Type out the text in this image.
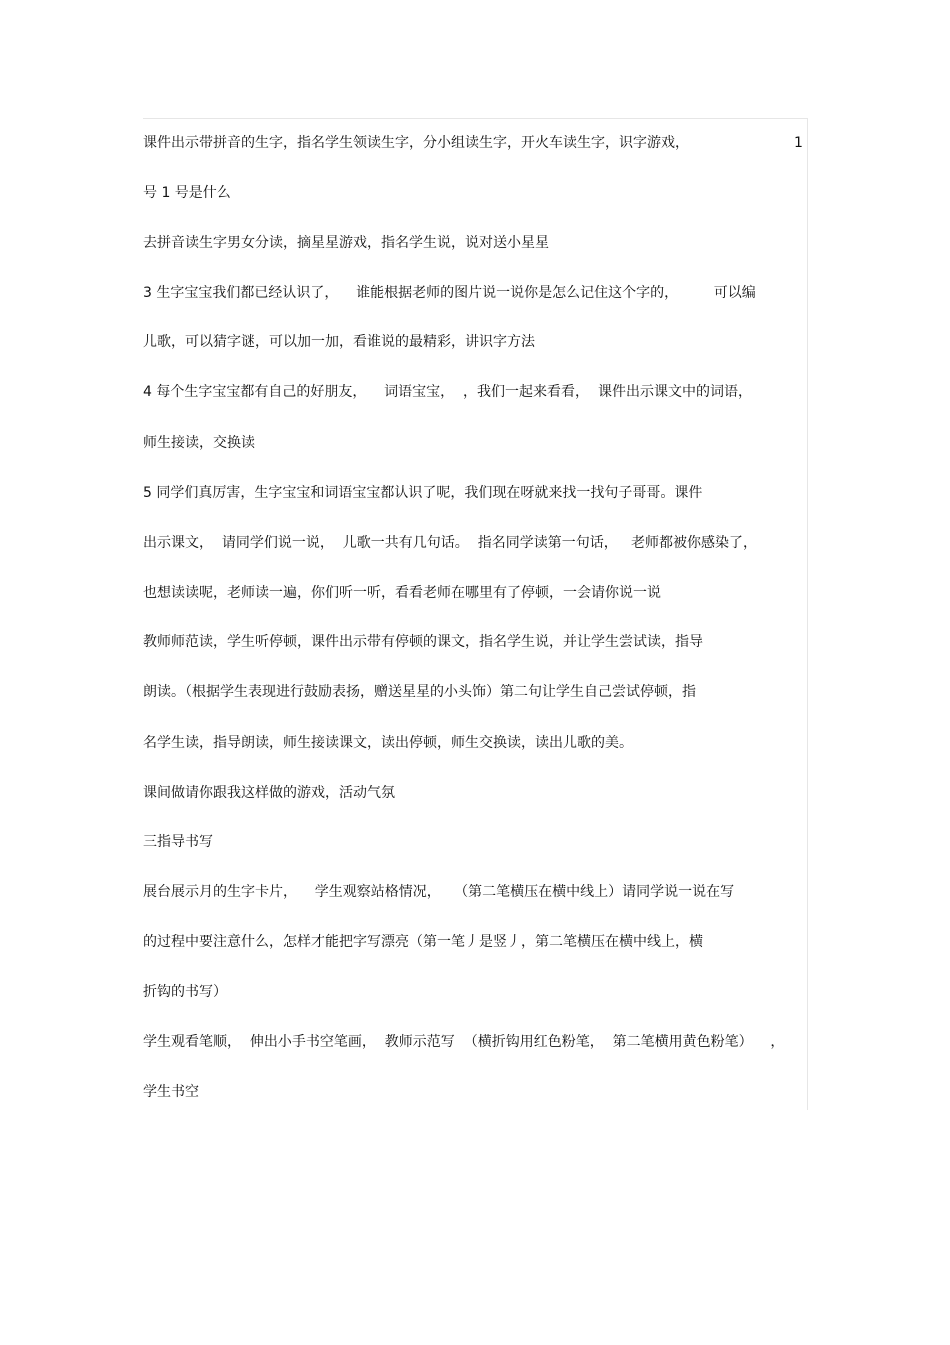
课件出示带拼音的生字，指名学生领读生字，分小组读生字，开火车读生字，识字游戏，	1
号 1 号是什么
去拼音读生字男女分读，摘星星游戏，指名学生说，说对送小星星
3 生字宝宝我们都已经认识了，    谁能根据老师的图片说一说你是怎么记住这个字的，        可以编
儿歌，可以猜字谜，可以加一加，看谁说的最精彩，讲识字方法
4 每个生字宝宝都有自己的好朋友，    词语宝宝，  ，我们一起来看看，  课件出示课文中的词语，
师生接读，交换读
5 同学们真厉害，生字宝宝和词语宝宝都认识了呢，我们现在呀就来找一找句子哥哥。课件
出示课文，  请同学们说一说，  儿歌一共有几句话。  指名同学读第一句话，   老师都被你感染了，
也想读读呢，老师读一遍，你们听一听，看看老师在哪里有了停顿，一会请你说一说
教师师范读，学生听停顿，课件出示带有停顿的课文，指名学生说，并让学生尝试读，指导
朗读。（根据学生表现进行鼓励表扬，赠送星星的小头饰）第二句让学生自己尝试停顿，指
名学生读，指导朗读，师生接读课文，读出停顿，师生交换读，读出儿歌的美。
课间做请你跟我这样做的游戏，活动气氛
三指导书写
展台展示月的生字卡片，    学生观察站格情况，   （第二笔横压在横中线上）请同学说一说在写
的过程中要注意什么，怎样才能把字写漂亮（第一笔丿是竖丿，第二笔横压在横中线上，横
折钩的书写）
学生观看笔顺，  伸出小手书空笔画，  教师示范写  （横折钩用红色粉笔，  第二笔横用黄色粉笔）    ，
学生书空
